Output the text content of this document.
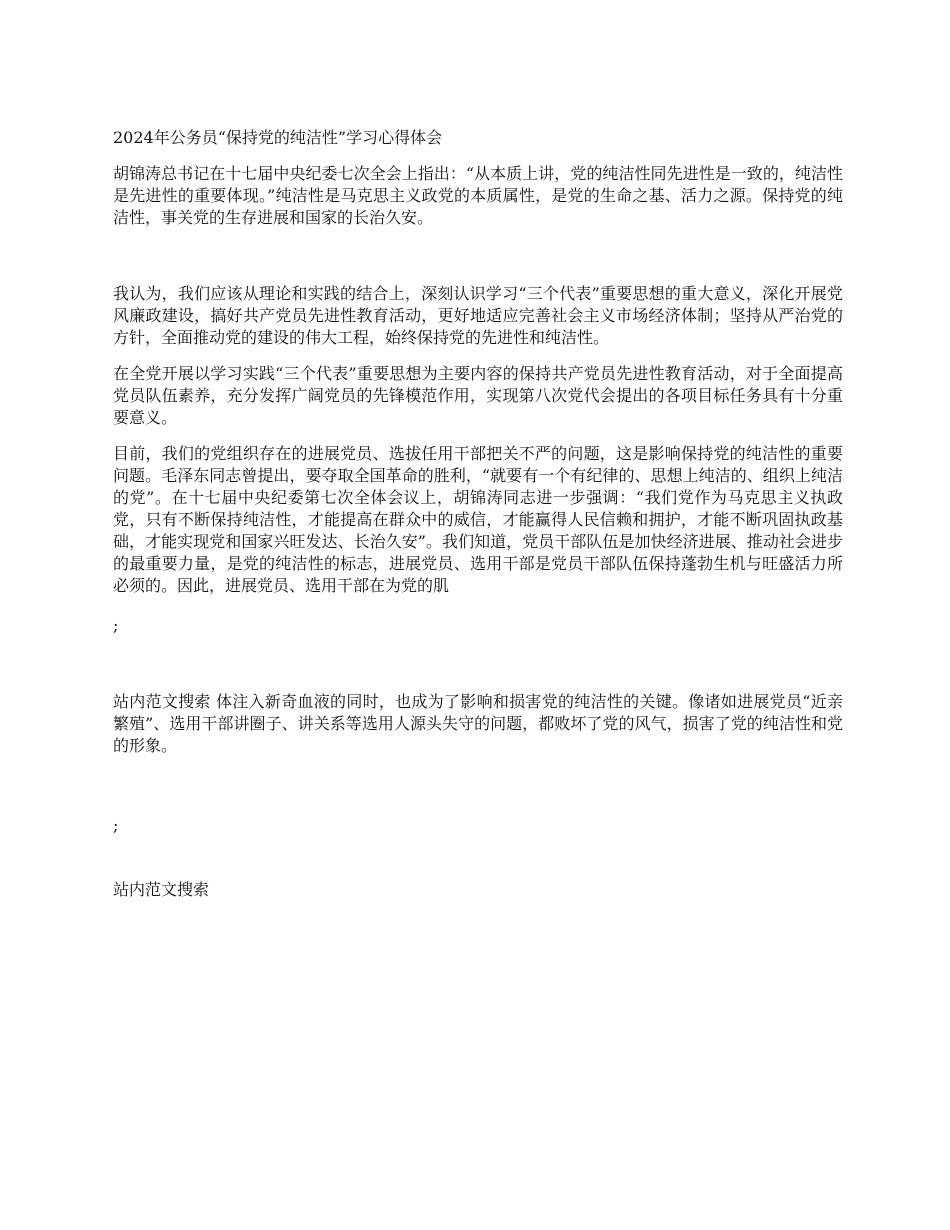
2024年公务员“保持党的纯洁性”学习心得体会

胡锦涛总书记在十七届中央纪委七次全会上指出：“从本质上讲，党的纯洁性同先进性是一致的，纯洁性是先进性的重要体现。”纯洁性是马克思主义政党的本质属性，是党的生命之基、活力之源。保持党的纯洁性，事关党的生存进展和国家的长治久安。

我认为，我们应该从理论和实践的结合上，深刻认识学习“三个代表”重要思想的重大意义，深化开展党风廉政建设，搞好共产党员先进性教育活动，更好地适应完善社会主义市场经济体制；坚持从严治党的方针，全面推动党的建设的伟大工程，始终保持党的先进性和纯洁性。

在全党开展以学习实践“三个代表”重要思想为主要内容的保持共产党员先进性教育活动，对于全面提高党员队伍素养，充分发挥广阔党员的先锋模范作用，实现第八次党代会提出的各项目标任务具有十分重要意义。

目前，我们的党组织存在的进展党员、选拔任用干部把关不严的问题，这是影响保持党的纯洁性的重要问题。毛泽东同志曾提出，要夺取全国革命的胜利，“就要有一个有纪律的、思想上纯洁的、组织上纯洁的党”。在十七届中央纪委第七次全体会议上，胡锦涛同志进一步强调：“我们党作为马克思主义执政党，只有不断保持纯洁性，才能提高在群众中的威信，才能赢得人民信赖和拥护，才能不断巩固执政基础，才能实现党和国家兴旺发达、长治久安”。我们知道，党员干部队伍是加快经济进展、推动社会进步的最重要力量，是党的纯洁性的标志，进展党员、选用干部是党员干部队伍保持蓬勃生机与旺盛活力所必须的。因此，进展党员、选用干部在为党的肌

;

站内范文搜索 体注入新奇血液的同时，也成为了影响和损害党的纯洁性的关键。像诸如进展党员“近亲繁殖”、选用干部讲圈子、讲关系等选用人源头失守的问题，都败坏了党的风气，损害了党的纯洁性和党的形象。

;

站内范文搜索
